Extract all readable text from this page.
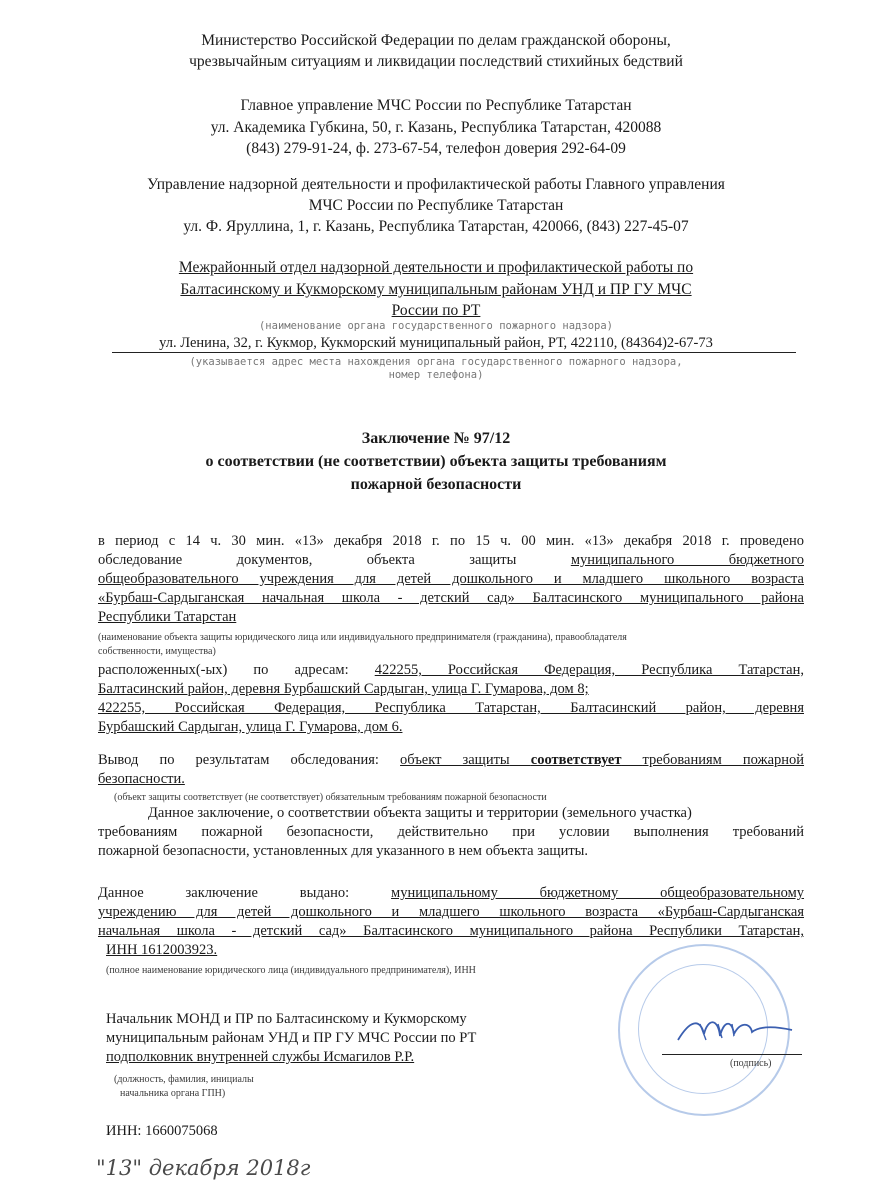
Министерство Российской Федерации по делам гражданской обороны,
чрезвычайным ситуациям и ликвидации последствий стихийных бедствий
Главное управление МЧС России по Республике Татарстан
ул. Академика Губкина, 50, г. Казань, Республика Татарстан, 420088
(843) 279-91-24, ф. 273-67-54, телефон доверия 292-64-09
Управление надзорной деятельности и профилактической работы Главного управления
МЧС России по Республике Татарстан
ул. Ф. Яруллина, 1, г. Казань, Республика Татарстан, 420066, (843) 227-45-07
Межрайонный отдел надзорной деятельности и профилактической работы по
Балтасинскому и Кукморскому муниципальным районам УНД и ПР ГУ МЧС
России по РТ
(наименование органа государственного пожарного надзора)
ул. Ленина, 32, г. Кукмор, Кукморский муниципальный район, РТ, 422110, (84364)2-67-73
(указывается адрес места нахождения органа государственного пожарного надзора,
номер телефона)
Заключение № 97/12
о соответствии (не соответствии) объекта защиты требованиям
пожарной безопасности
в период с 14 ч. 30 мин. «13» декабря 2018 г. по 15 ч. 00 мин. «13» декабря 2018 г. проведено
обследование документов, объекта защиты	муниципального бюджетного
общеобразовательного учреждения для детей дошкольного и младшего школьного возраста
«Бурбаш-Сардыганская начальная школа - детский сад» Балтасинского муниципального района
Республики Татарстан
(наименование объекта защиты юридического лица или индивидуального предпринимателя (гражданина), правообладателя
собственности, имущества)
расположенных(-ых) по адресам: 422255, Российская Федерация, Республика Татарстан,
Балтасинский район, деревня Бурбашский Сардыган, улица Г. Гумарова, дом 8;
422255, Российская Федерация, Республика Татарстан, Балтасинский район, деревня
Бурбашский Сардыган, улица Г. Гумарова, дом 6.
Вывод по результатам обследования: объект защиты соответствует требованиям пожарной
безопасности.
(объект защиты соответствует (не соответствует) обязательным требованиям пожарной безопасности
Данное заключение, о соответствии объекта защиты и территории (земельного участка)
требованиям пожарной безопасности, действительно при условии выполнения требований
пожарной безопасности, установленных для указанного в нем объекта защиты.
Данное заключение выдано:	муниципальному бюджетному общеобразовательному
учреждению для детей дошкольного и младшего школьного возраста «Бурбаш-Сардыганская
начальная школа - детский сад» Балтасинского муниципального района Республики Татарстан,
ИНН 1612003923.
(полное наименование юридического лица (индивидуального предпринимателя), ИНН
Начальник МОНД и ПР по Балтасинскому и Кукморскому
муниципальным районам УНД и ПР ГУ МЧС России по РТ
подполковник внутренней службы Исмагилов Р.Р.
(должность, фамилия, инициалы
начальника органа ГПН)
(подпись)
ИНН: 1660075068
"13" декабря 2018г
